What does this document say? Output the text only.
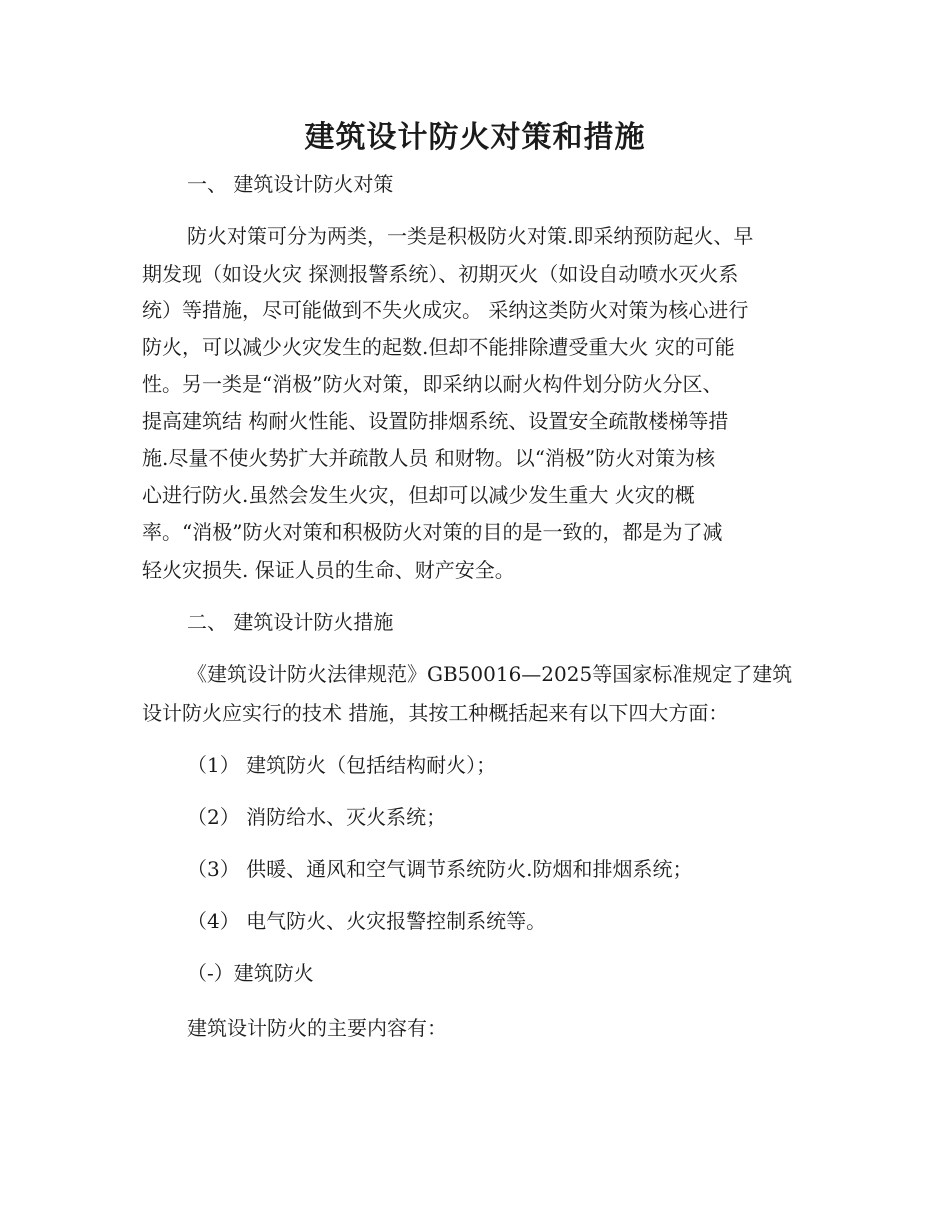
建筑设计防火对策和措施

一、 建筑设计防火对策

防火对策可分为两类，一类是积极防火对策.即采纳预防起火、早

期发现（如设火灾 探测报警系统）、初期灭火（如设自动喷水灭火系

统）等措施，尽可能做到不失火成灾。 采纳这类防火对策为核心进行

防火，可以减少火灾发生的起数.但却不能排除遭受重大火 灾的可能

性。另一类是“消极”防火对策，即采纳以耐火构件划分防火分区、

提高建筑结 构耐火性能、设置防排烟系统、设置安全疏散楼梯等措

施.尽量不使火势扩大并疏散人员 和财物。以“消极”防火对策为核

心进行防火.虽然会发生火灾，但却可以减少发生重大 火灾的概

率。“消极”防火对策和积极防火对策的目的是一致的，都是为了减

轻火灾损失. 保证人员的生命、财产安全。

二、 建筑设计防火措施

《建筑设计防火法律规范》GB50016—2025等国家标准规定了建筑

设计防火应实行的技术 措施，其按工种概括起来有以下四大方面：

（1） 建筑防火（包括结构耐火）；

（2） 消防给水、灭火系统；

（3） 供暖、通风和空气调节系统防火.防烟和排烟系统；

（4） 电气防火、火灾报警控制系统等。

（-）建筑防火

建筑设计防火的主要内容有：
